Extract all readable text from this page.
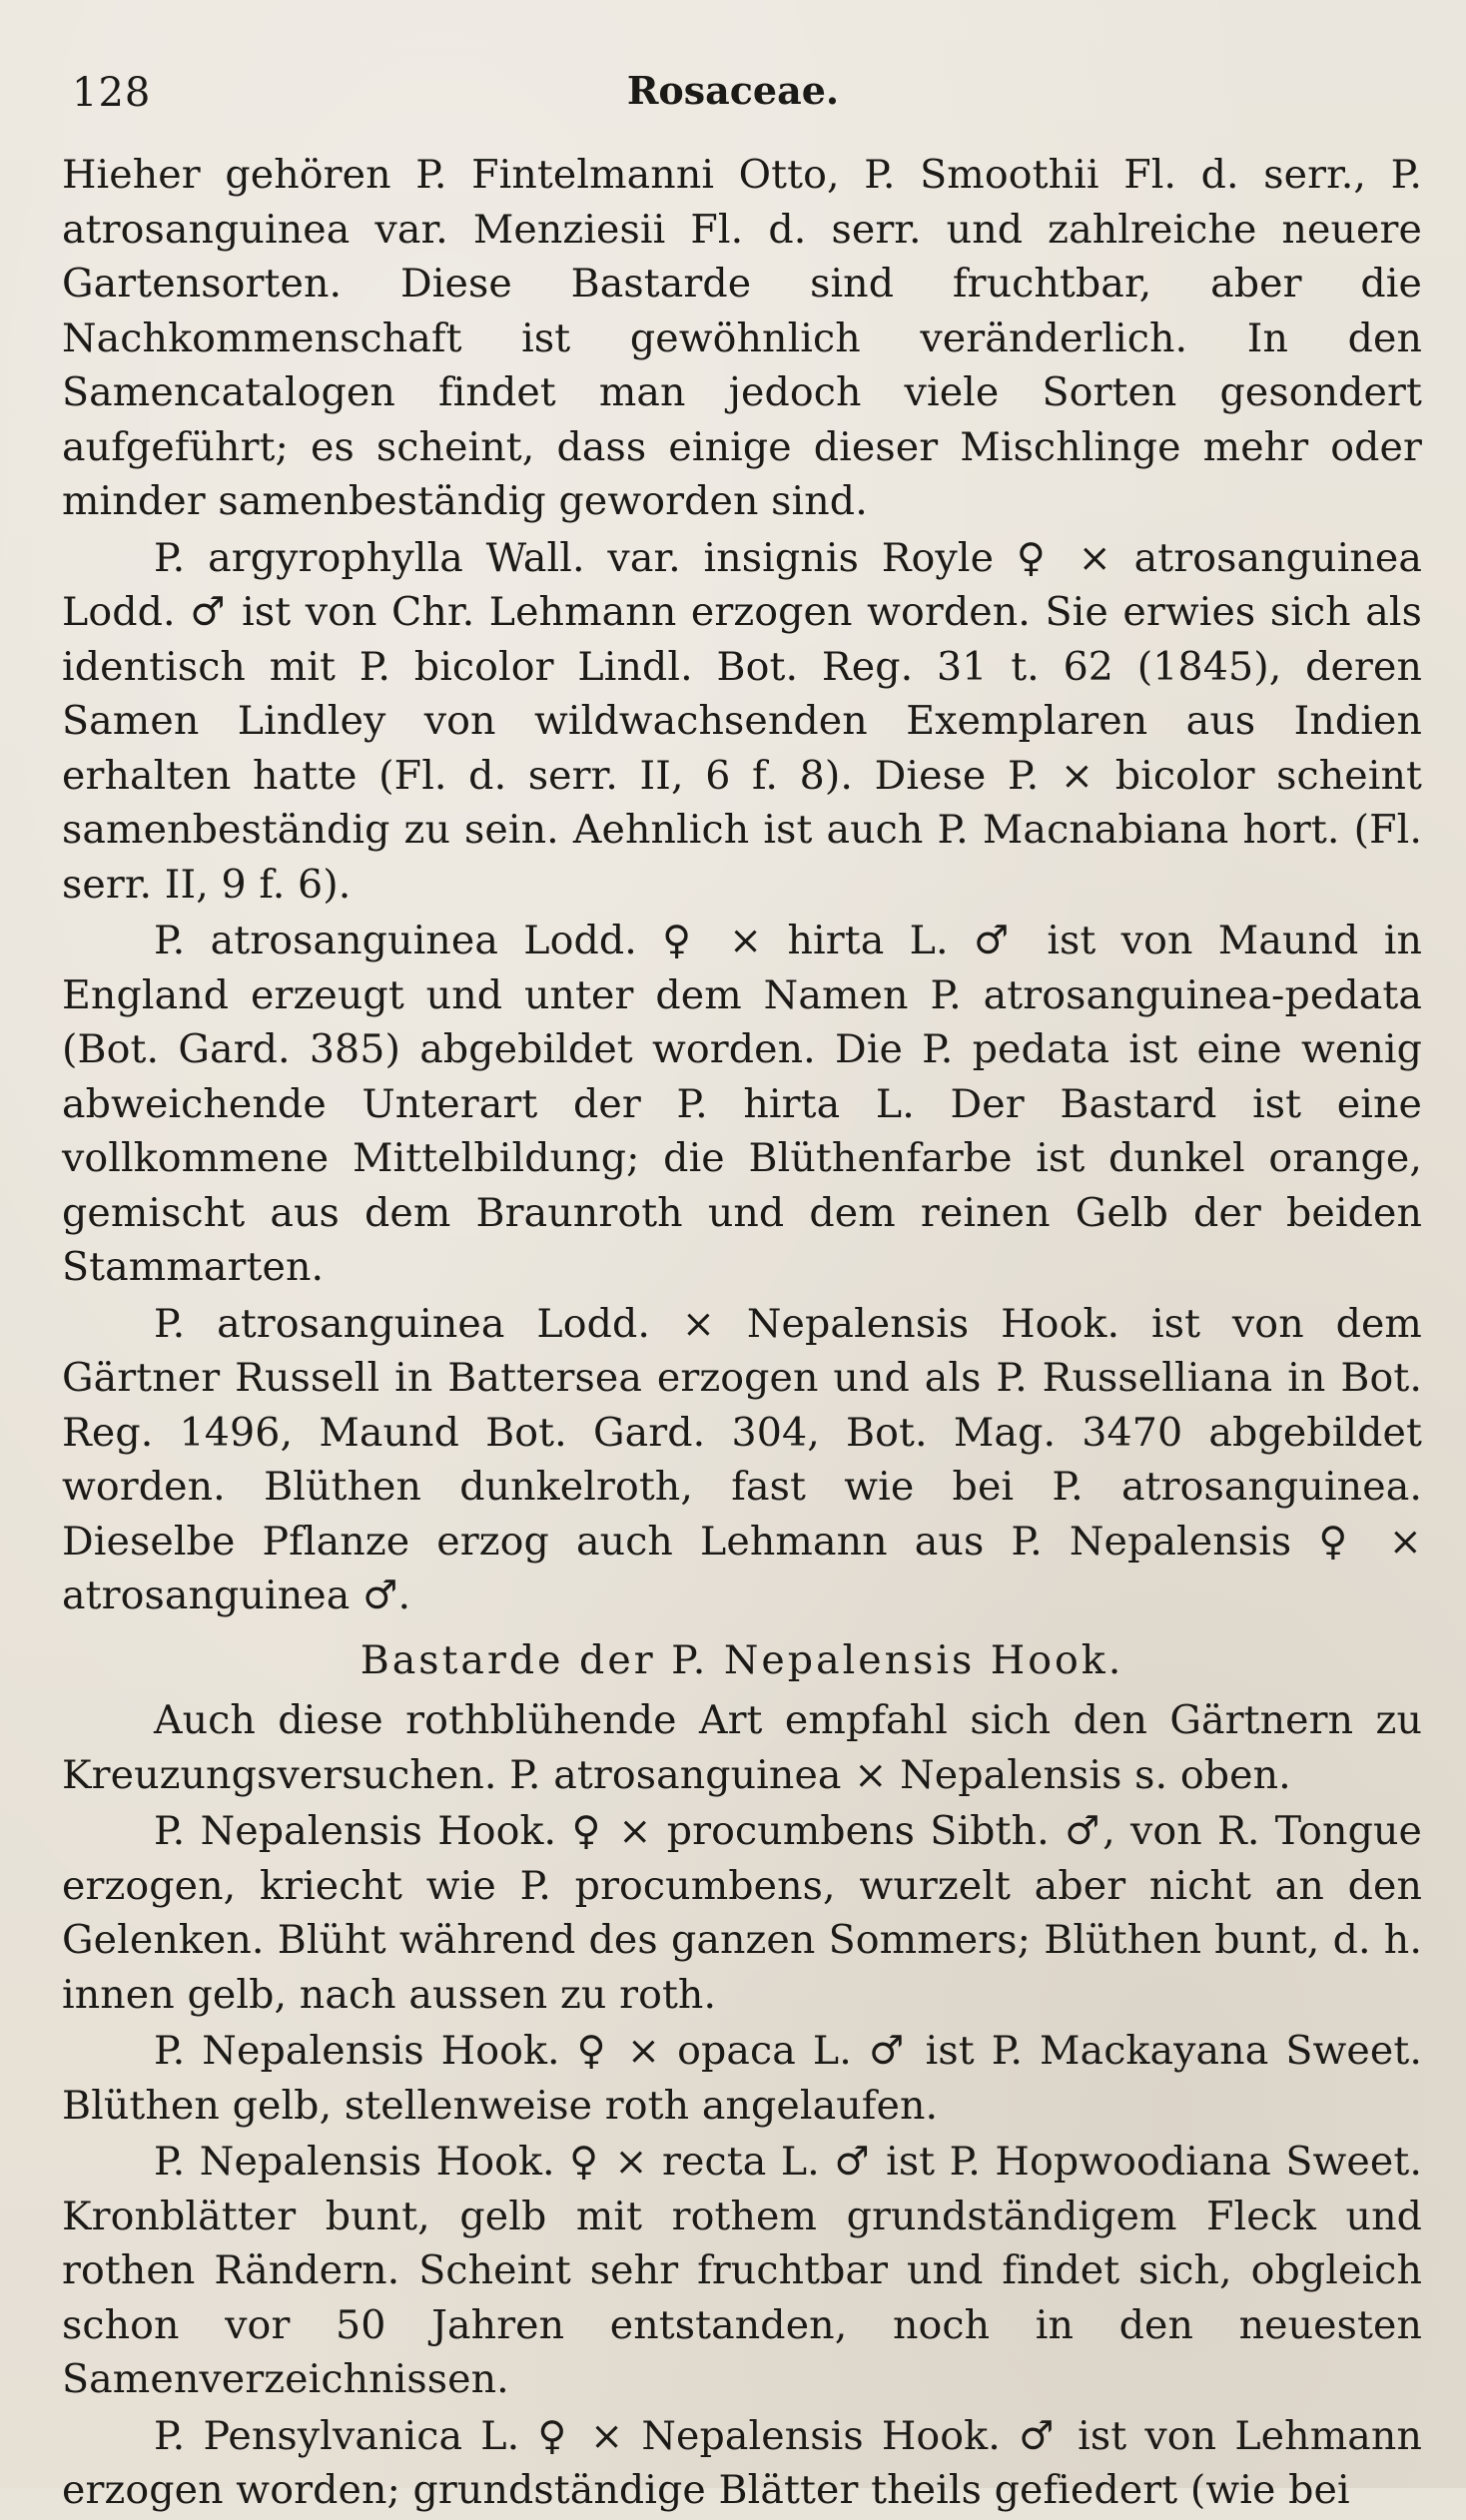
128	Rosaceae.

Hieher gehören P. Fintelmanni Otto, P. Smoothii Fl. d. serr., P. atrosanguinea var. Menziesii Fl. d. serr. und zahlreiche neuere Gartensorten. Diese Bastarde sind fruchtbar, aber die Nachkommenschaft ist gewöhnlich veränderlich. In den Samencatalogen findet man jedoch viele Sorten gesondert aufgeführt; es scheint, dass einige dieser Mischlinge mehr oder minder samenbeständig geworden sind.

P. argyrophylla Wall. var. insignis Royle ♀ × atrosanguinea Lodd. ♂ ist von Chr. Lehmann erzogen worden. Sie erwies sich als identisch mit P. bicolor Lindl. Bot. Reg. 31 t. 62 (1845), deren Samen Lindley von wildwachsenden Exemplaren aus Indien erhalten hatte (Fl. d. serr. II, 6 f. 8). Diese P. × bicolor scheint samenbeständig zu sein. Aehnlich ist auch P. Macnabiana hort. (Fl. serr. II, 9 f. 6).

P. atrosanguinea Lodd. ♀ × hirta L. ♂ ist von Maund in England erzeugt und unter dem Namen P. atrosanguinea-pedata (Bot. Gard. 385) abgebildet worden. Die P. pedata ist eine wenig abweichende Unterart der P. hirta L. Der Bastard ist eine vollkommene Mittelbildung; die Blüthenfarbe ist dunkel orange, gemischt aus dem Braunroth und dem reinen Gelb der beiden Stammarten.

P. atrosanguinea Lodd. × Nepalensis Hook. ist von dem Gärtner Russell in Battersea erzogen und als P. Russelliana in Bot. Reg. 1496, Maund Bot. Gard. 304, Bot. Mag. 3470 abgebildet worden. Blüthen dunkelroth, fast wie bei P. atrosanguinea. Dieselbe Pflanze erzog auch Lehmann aus P. Nepalensis ♀ × atrosanguinea ♂.

Bastarde der P. Nepalensis Hook.

Auch diese rothblühende Art empfahl sich den Gärtnern zu Kreuzungsversuchen. P. atrosanguinea × Nepalensis s. oben.

P. Nepalensis Hook. ♀ × procumbens Sibth. ♂, von R. Tongue erzogen, kriecht wie P. procumbens, wurzelt aber nicht an den Gelenken. Blüht während des ganzen Sommers; Blüthen bunt, d. h. innen gelb, nach aussen zu roth.

P. Nepalensis Hook. ♀ × opaca L. ♂ ist P. Mackayana Sweet. Blüthen gelb, stellenweise roth angelaufen.

P. Nepalensis Hook. ♀ × recta L. ♂ ist P. Hopwoodiana Sweet. Kronblätter bunt, gelb mit rothem grundständigem Fleck und rothen Rändern. Scheint sehr fruchtbar und findet sich, obgleich schon vor 50 Jahren entstanden, noch in den neuesten Samenverzeichnissen.

P. Pensylvanica L. ♀ × Nepalensis Hook. ♂ ist von Lehmann erzogen worden; grundständige Blätter theils gefiedert (wie bei
